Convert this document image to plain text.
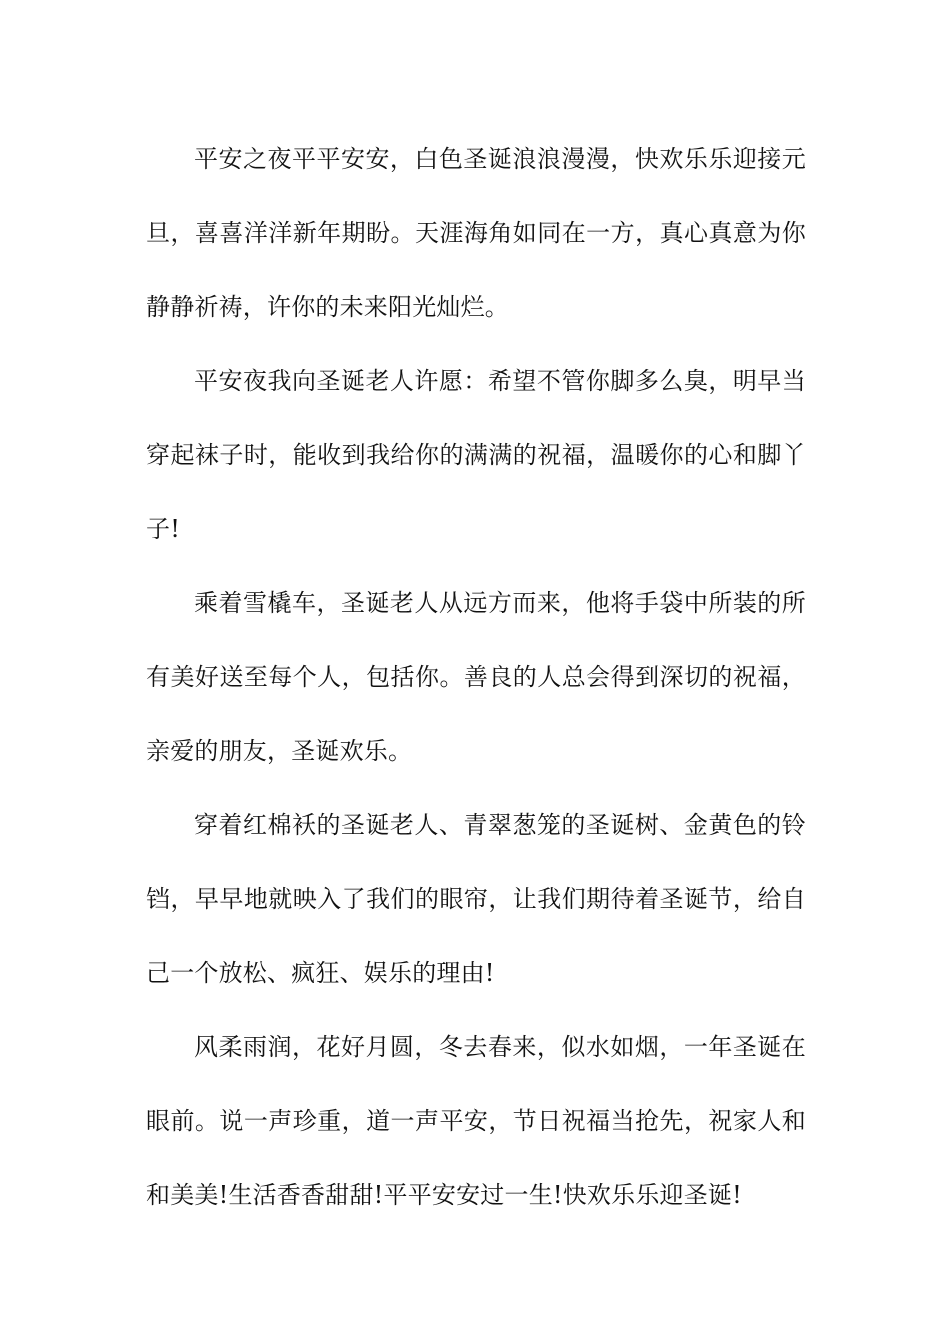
平安之夜平平安安，白色圣诞浪浪漫漫，快欢乐乐迎接元旦，喜喜洋洋新年期盼。天涯海角如同在一方，真心真意为你静静祈祷，许你的未来阳光灿烂。

平安夜我向圣诞老人许愿：希望不管你脚多么臭，明早当穿起袜子时，能收到我给你的满满的祝福，温暖你的心和脚丫子!

乘着雪橇车，圣诞老人从远方而来，他将手袋中所装的所有美好送至每个人，包括你。善良的人总会得到深切的祝福，亲爱的朋友，圣诞欢乐。

穿着红棉袄的圣诞老人、青翠葱笼的圣诞树、金黄色的铃铛，早早地就映入了我们的眼帘，让我们期待着圣诞节，给自己一个放松、疯狂、娱乐的理由!

风柔雨润，花好月圆，冬去春来，似水如烟，一年圣诞在眼前。说一声珍重，道一声平安，节日祝福当抢先，祝家人和和美美!生活香香甜甜!平平安安过一生!快欢乐乐迎圣诞!
